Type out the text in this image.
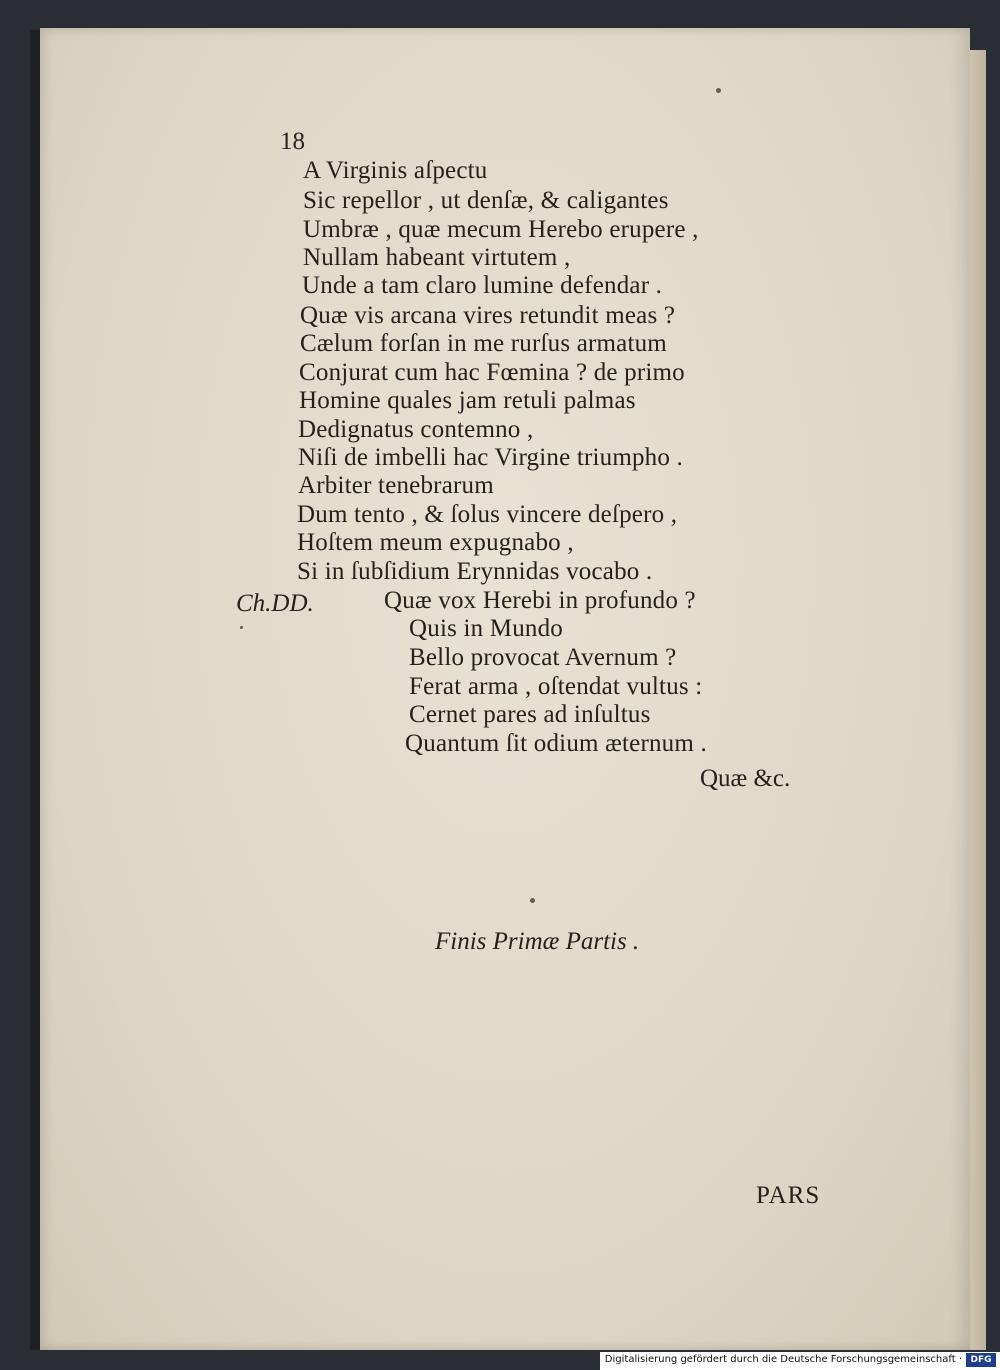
18
A Virginis aſpectu
Sic repellor , ut denſæ, & caligantes
Umbræ , quæ mecum Herebo erupere ,
Nullam habeant virtutem ,
Unde a tam claro lumine defendar .
Quæ vis arcana vires retundit meas ?
Cælum forſan in me rurſus armatum
Conjurat cum hac Fœmina ? de primo
Homine quales jam retuli palmas
Dedignatus contemno ,
Niſi de imbelli hac Virgine triumpho .
Arbiter tenebrarum
Dum tento , & ſolus vincere deſpero ,
Hoſtem meum expugnabo ,
Si in ſubſidium Erynnidas vocabo .
Ch.DD.	Quæ vox Herebi in profundo ?
Quis in Mundo
Bello provocat Avernum ?
Ferat arma , oſtendat vultus :
Cernet pares ad inſultus
Quantum ſit odium æternum .
Quæ &c.
Finis Primæ Partis .
PARS
Digitalisierung gefördert durch die Deutsche Forschungsgemeinschaft · DFG
